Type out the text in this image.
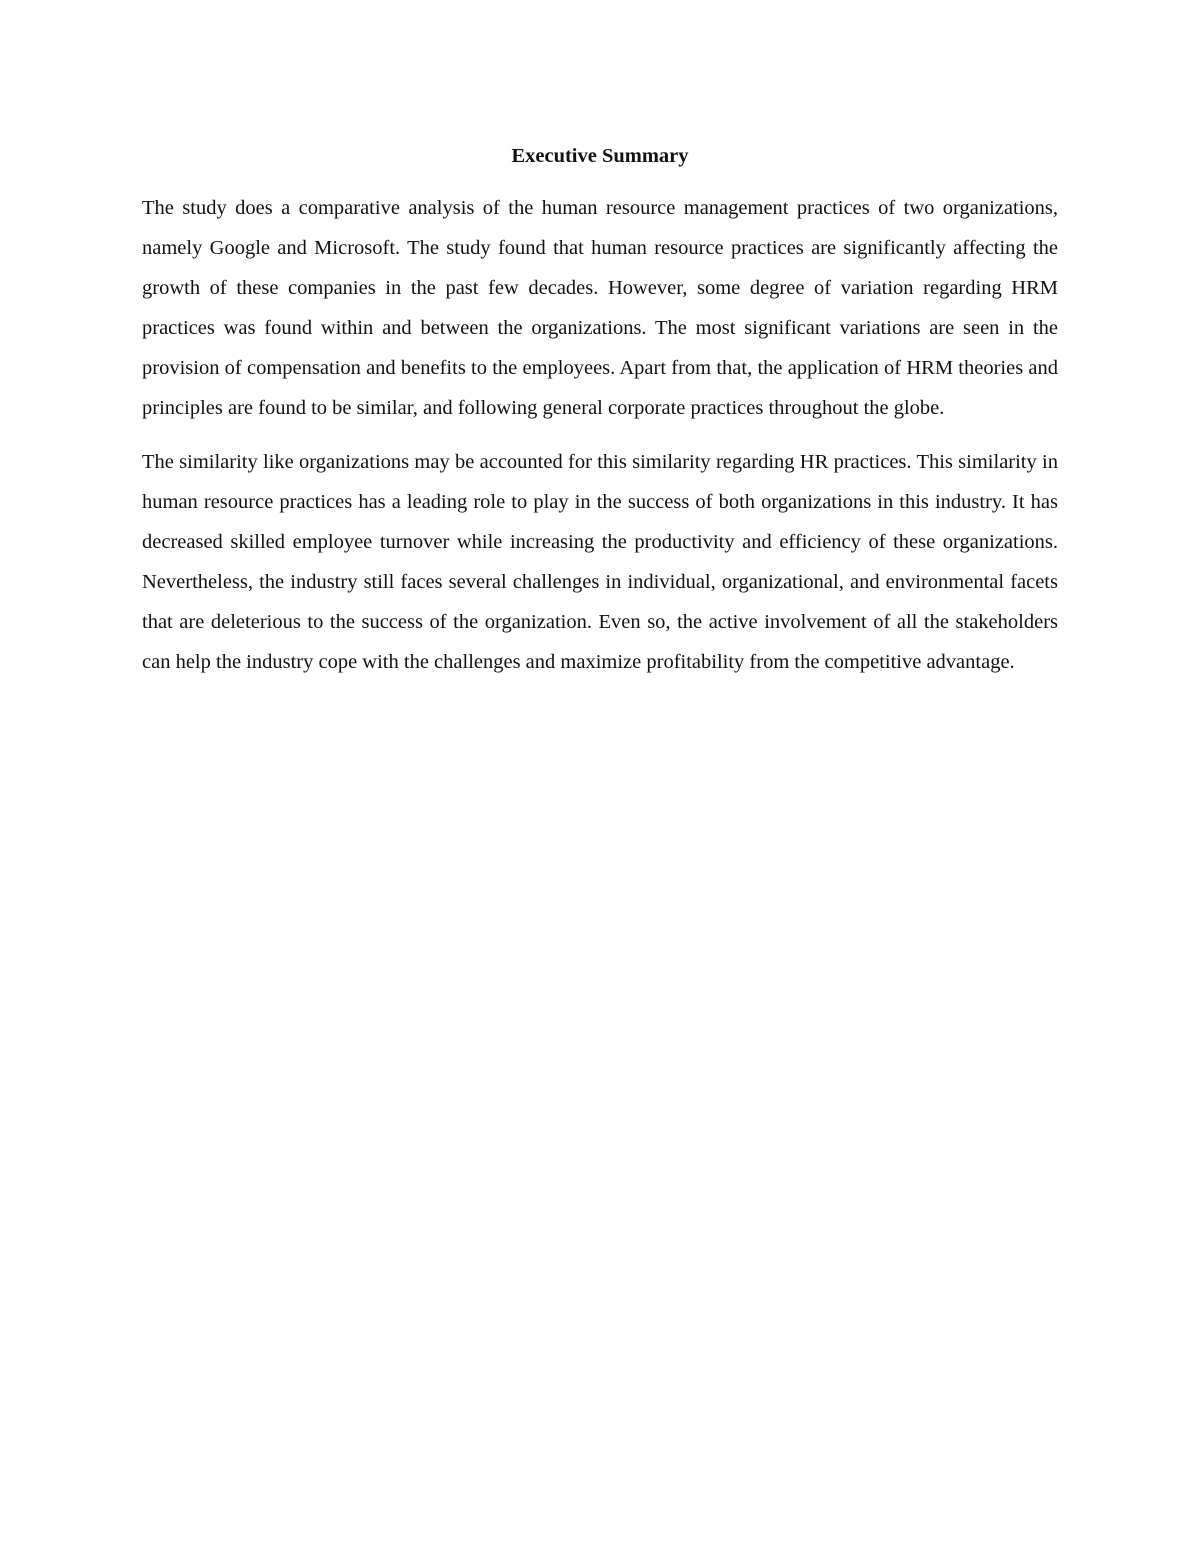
Executive Summary

The study does a comparative analysis of the human resource management practices of two organizations, namely Google and Microsoft. The study found that human resource practices are significantly affecting the growth of these companies in the past few decades. However, some degree of variation regarding HRM practices was found within and between the organizations. The most significant variations are seen in the provision of compensation and benefits to the employees. Apart from that, the application of HRM theories and principles are found to be similar, and following general corporate practices throughout the globe.

The similarity like organizations may be accounted for this similarity regarding HR practices. This similarity in human resource practices has a leading role to play in the success of both organizations in this industry. It has decreased skilled employee turnover while increasing the productivity and efficiency of these organizations. Nevertheless, the industry still faces several challenges in individual, organizational, and environmental facets that are deleterious to the success of the organization. Even so, the active involvement of all the stakeholders can help the industry cope with the challenges and maximize profitability from the competitive advantage.
